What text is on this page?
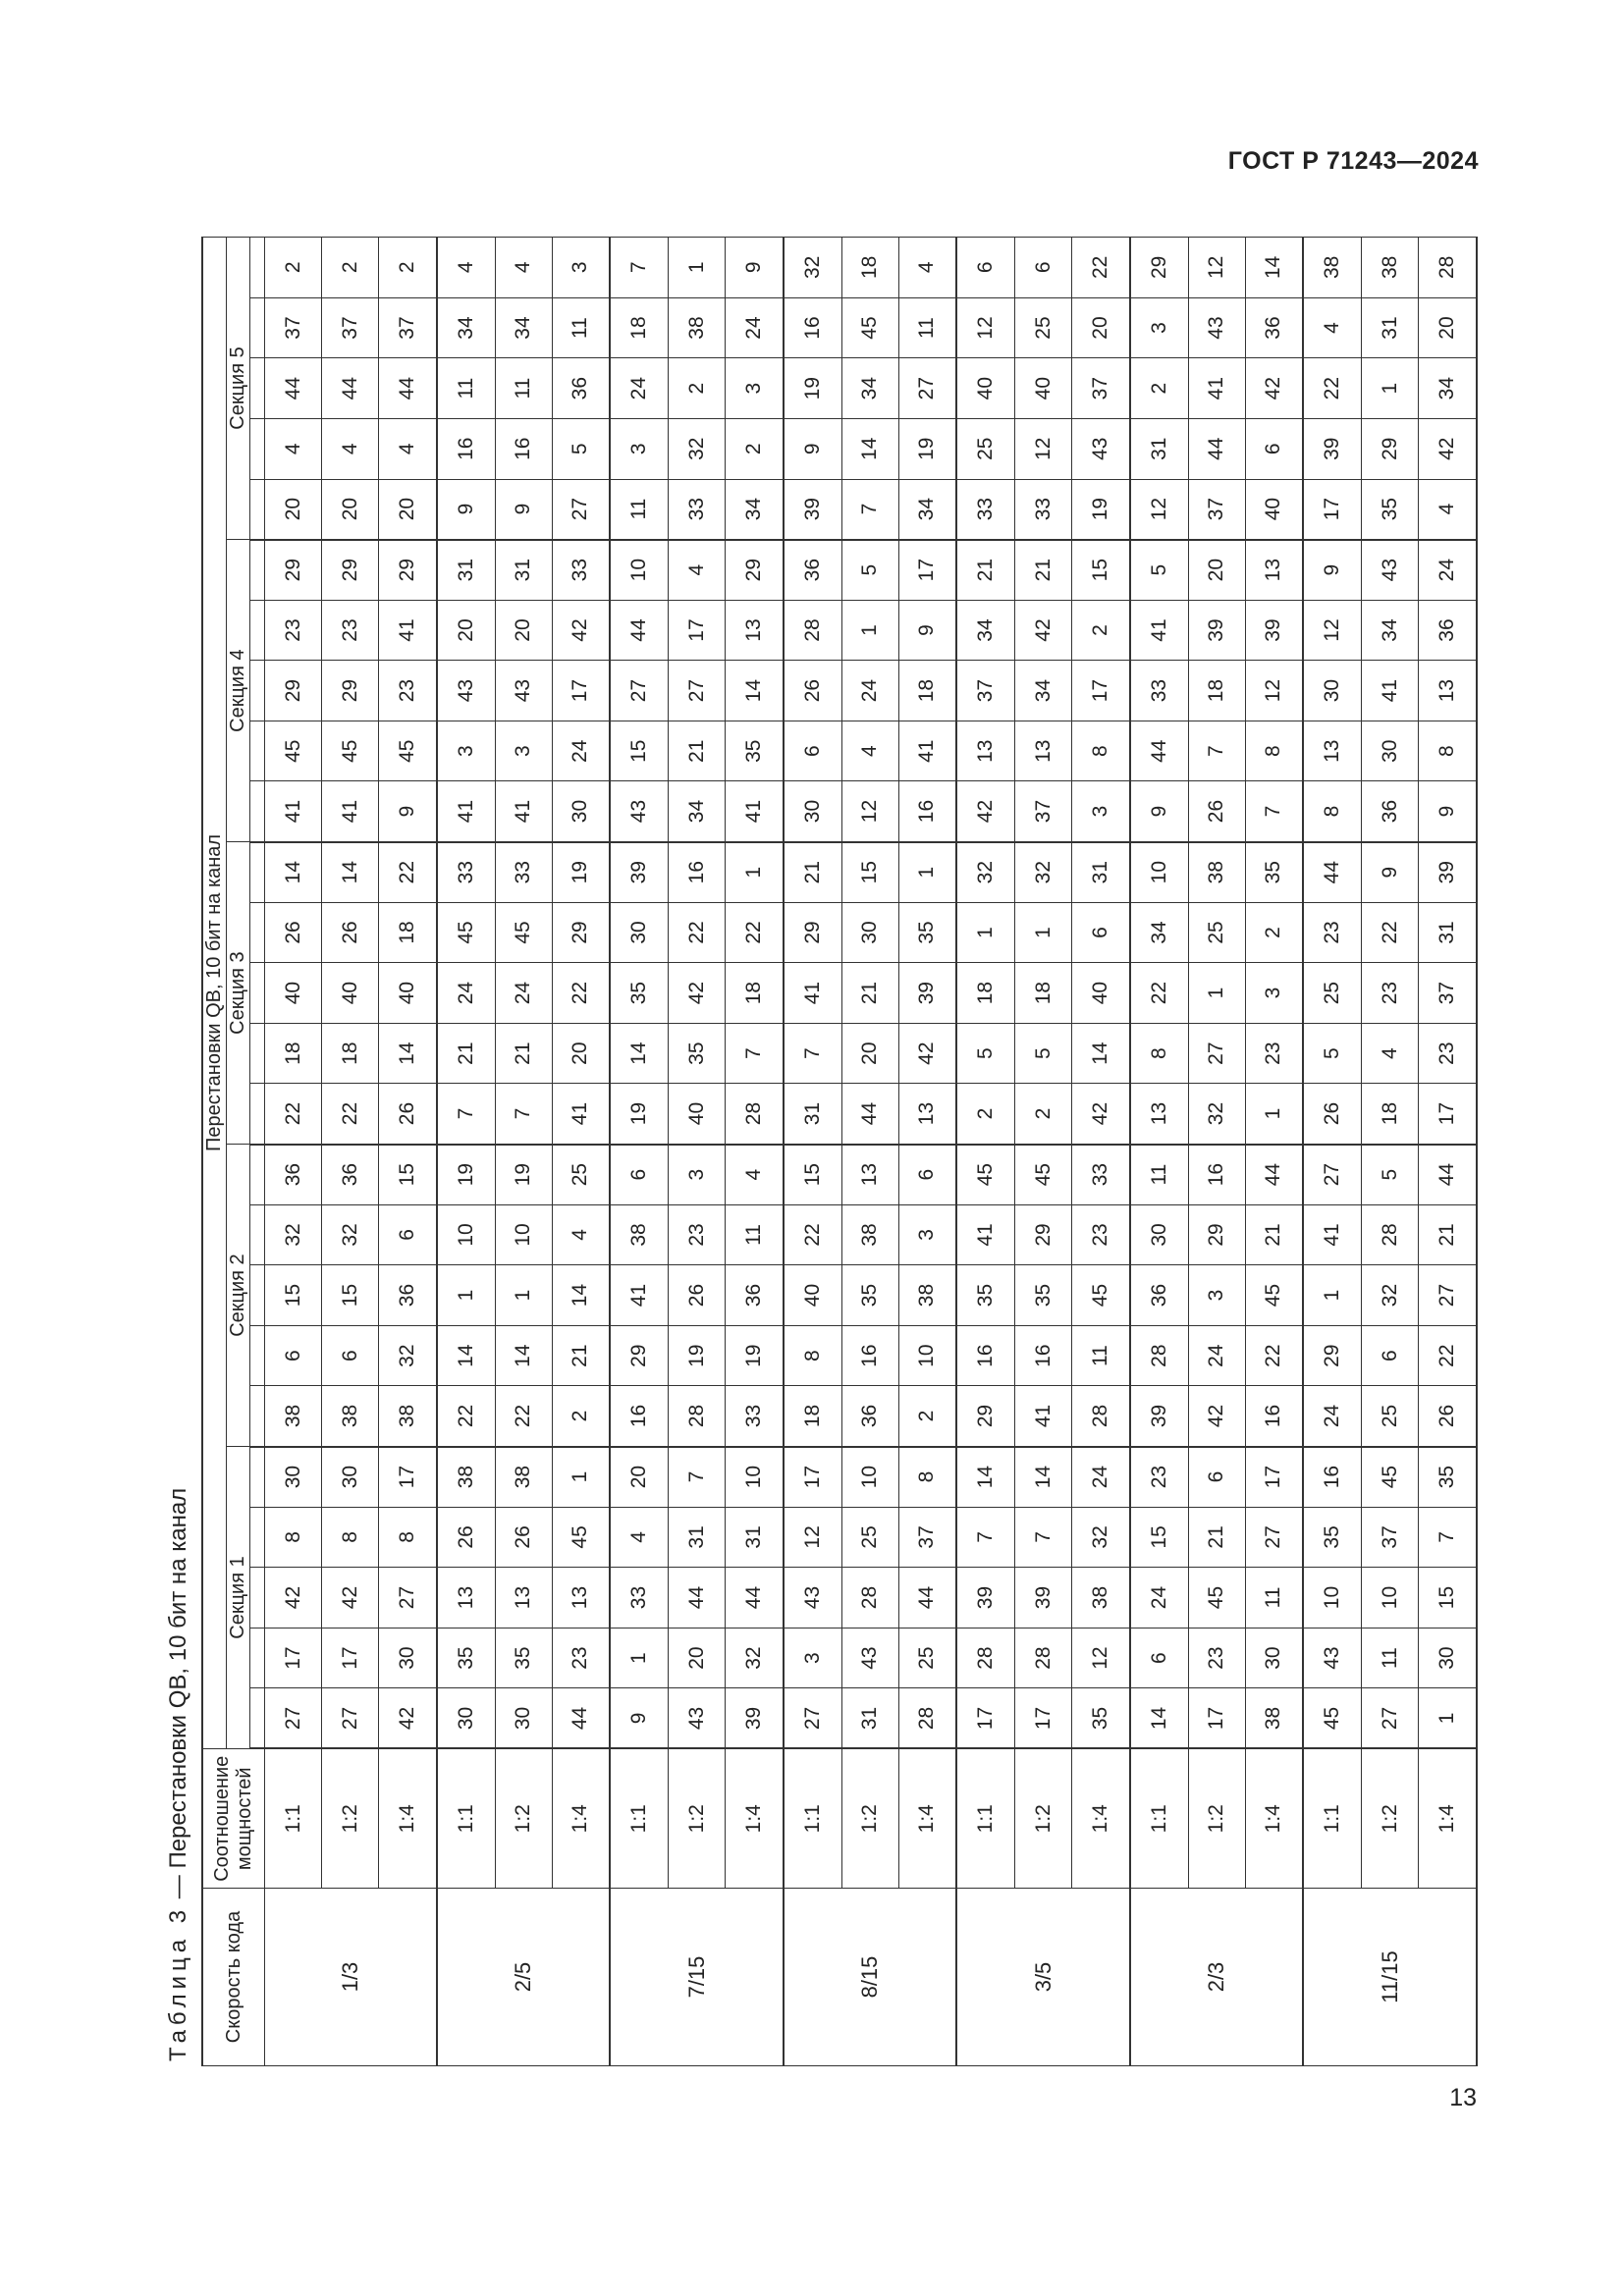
ГОСТ Р 71243—2024
Таблица 3 — Перестановки QB, 10 бит на канал
Скорость кода	Соотношение мощностей	Перестановки QB, 10 бит на канал																								
		Секция 1					Секция 2					Секция 3					Секция 4					Секция 5				

1/3	1:1	27	17	42	8	30	38	6	15	32	36	22	18	40	26	14	41	45	29	23	29	20	4	44	37	2
	1:2	27	17	42	8	30	38	6	15	32	36	22	18	40	26	14	41	45	29	23	29	20	4	44	37	2
	1:4	42	30	27	8	17	38	32	36	6	15	26	14	40	18	22	9	45	23	41	29	20	4	44	37	2
2/5	1:1	30	35	13	26	38	22	14	1	10	19	7	21	24	45	33	41	3	43	20	31	9	16	11	34	4
	1:2	30	35	13	26	38	22	14	1	10	19	7	21	24	45	33	41	3	43	20	31	9	16	11	34	4
	1:4	44	23	13	45	1	2	21	14	4	25	41	20	22	29	19	30	24	17	42	33	27	5	36	11	3
7/15	1:1	9	1	33	4	20	16	29	41	38	6	19	14	35	30	39	43	15	27	44	10	11	3	24	18	7
	1:2	43	20	44	31	7	28	19	26	23	3	40	35	42	22	16	34	21	27	17	4	33	32	2	38	1
	1:4	39	32	44	31	10	33	19	36	11	4	28	7	18	22	1	41	35	14	13	29	34	2	3	24	9
8/15	1:1	27	3	43	12	17	18	8	40	22	15	31	7	41	29	21	30	6	26	28	36	39	9	19	16	32
	1:2	31	43	28	25	10	36	16	35	38	13	44	20	21	30	15	12	4	24	1	5	7	14	34	45	18
	1:4	28	25	44	37	8	2	10	38	3	6	13	42	39	35	1	16	41	18	9	17	34	19	27	11	4
3/5	1:1	17	28	39	7	14	29	16	35	41	45	2	5	18	1	32	42	13	37	34	21	33	25	40	12	6
	1:2	17	28	39	7	14	41	16	35	29	45	2	5	18	1	32	37	13	34	42	21	33	12	40	25	6
	1:4	35	12	38	32	24	28	11	45	23	33	42	14	40	6	31	3	8	17	2	15	19	43	37	20	22
2/3	1:1	14	6	24	15	23	39	28	36	30	11	13	8	22	34	10	9	44	33	41	5	12	31	2	3	29
	1:2	17	23	45	21	6	42	24	3	29	16	32	27	1	25	38	26	7	18	39	20	37	44	41	43	12
	1:4	38	30	11	27	17	16	22	45	21	44	1	23	3	2	35	7	8	12	39	13	40	6	42	36	14
11/15	1:1	45	43	10	35	16	24	29	1	41	27	26	5	25	23	44	8	13	30	12	9	17	39	22	4	38
	1:2	27	11	10	37	45	25	6	32	28	5	18	4	23	22	9	36	30	41	34	43	35	29	1	31	38
	1:4	1	30	15	7	35	26	22	27	21	44	17	23	37	31	39	9	8	13	36	24	4	42	34	20	28
13
